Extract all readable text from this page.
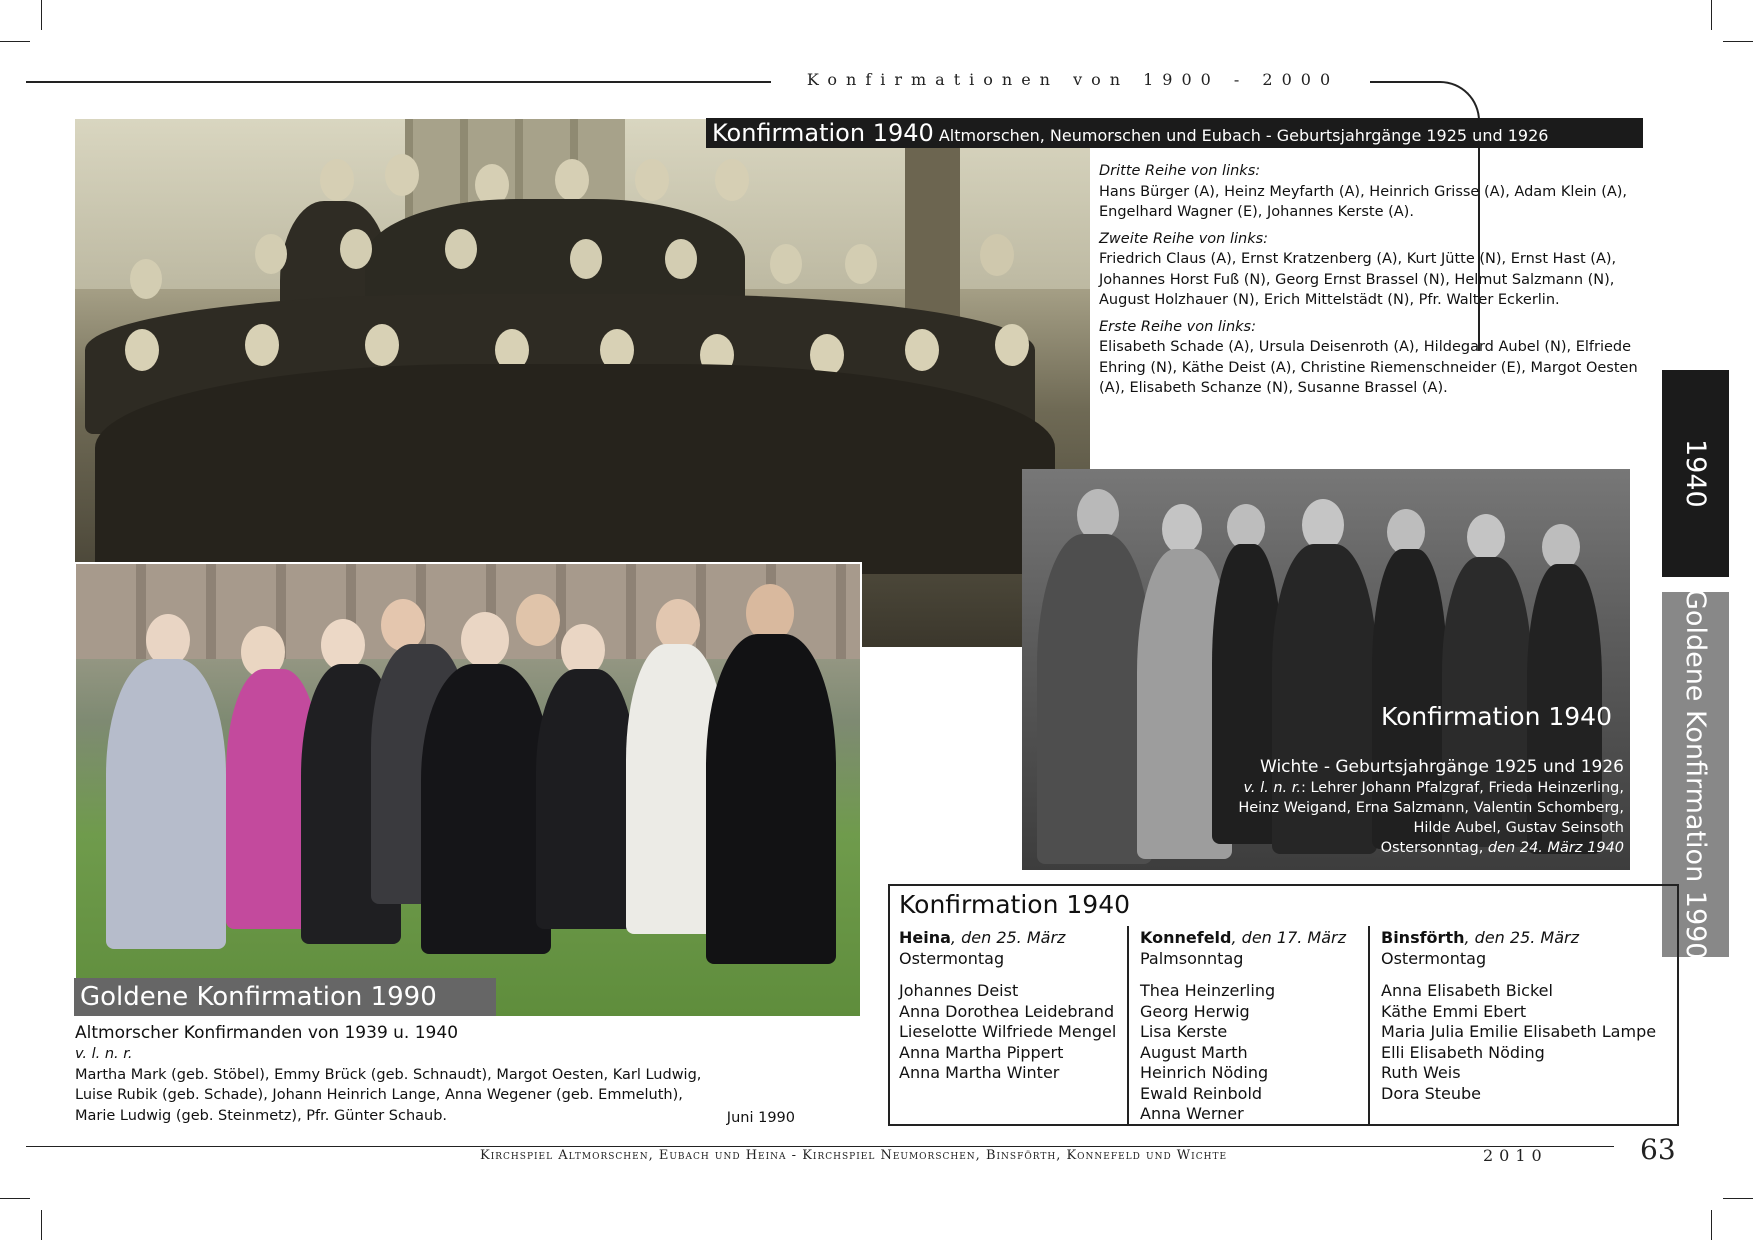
Konfirmationen von 1900 - 2000
Konfirmation 1940 Altmorschen, Neumorschen und Eubach - Geburtsjahrgänge 1925 und 1926
Dritte Reihe von links:
Hans Bürger (A), Heinz Meyfarth (A), Heinrich Grisse (A), Adam Klein (A), Engelhard Wagner (E), Johannes Kerste (A).
Zweite Reihe von links:
Friedrich Claus (A), Ernst Kratzenberg (A), Kurt Jütte (N), Ernst Hast (A), Johannes Horst Fuß (N), Georg Ernst Brassel (N), Helmut Salzmann (N), August Holzhauer (N), Erich Mittelstädt (N), Pfr. Walter Eckerlin.
Erste Reihe von links:
Elisabeth Schade (A), Ursula Deisenroth (A), Hildegard Aubel (N), Elfriede Ehring (N), Käthe Deist (A), Christine Riemenschneider (E), Margot Oesten (A), Elisabeth Schanze (N), Susanne Brassel (A).
1940
Goldene Konfirmation 1990
Goldene Konfirmation 1990
Altmorscher Konfirmanden von 1939 u. 1940
v. l. n. r.
Martha Mark (geb. Stöbel), Emmy Brück (geb. Schnaudt), Margot Oesten, Karl Ludwig,
Luise Rubik (geb. Schade), Johann Heinrich Lange, Anna Wegener (geb. Emmeluth),
Marie Ludwig (geb. Steinmetz), Pfr. Günter Schaub.	Juni 1990
Konfirmation 1940
Wichte - Geburtsjahrgänge 1925 und 1926
v. l. n. r.: Lehrer Johann Pfalzgraf, Frieda Heinzerling,
Heinz Weigand, Erna Salzmann, Valentin Schomberg,
Hilde Aubel, Gustav Seinsoth
Ostersonntag, den 24. März 1940
Konfirmation 1940
Heina, den 25. März
Ostermontag
Johannes Deist
Anna Dorothea Leidebrand
Lieselotte Wilfriede Mengel
Anna Martha Pippert
Anna Martha Winter
Konnefeld, den 17. März
Palmsonntag
Thea Heinzerling
Georg Herwig
Lisa Kerste
August Marth
Heinrich Nöding
Ewald Reinbold
Anna Werner
Binsförth, den 25. März
Ostermontag
Anna Elisabeth Bickel
Käthe Emmi Ebert
Maria Julia Emilie Elisabeth Lampe
Elli Elisabeth Nöding
Ruth Weis
Dora Steube
Kirchspiel Altmorschen, Eubach und Heina - Kirchspiel Neumorschen, Binsförth, Konnefeld und Wichte	2010	63
